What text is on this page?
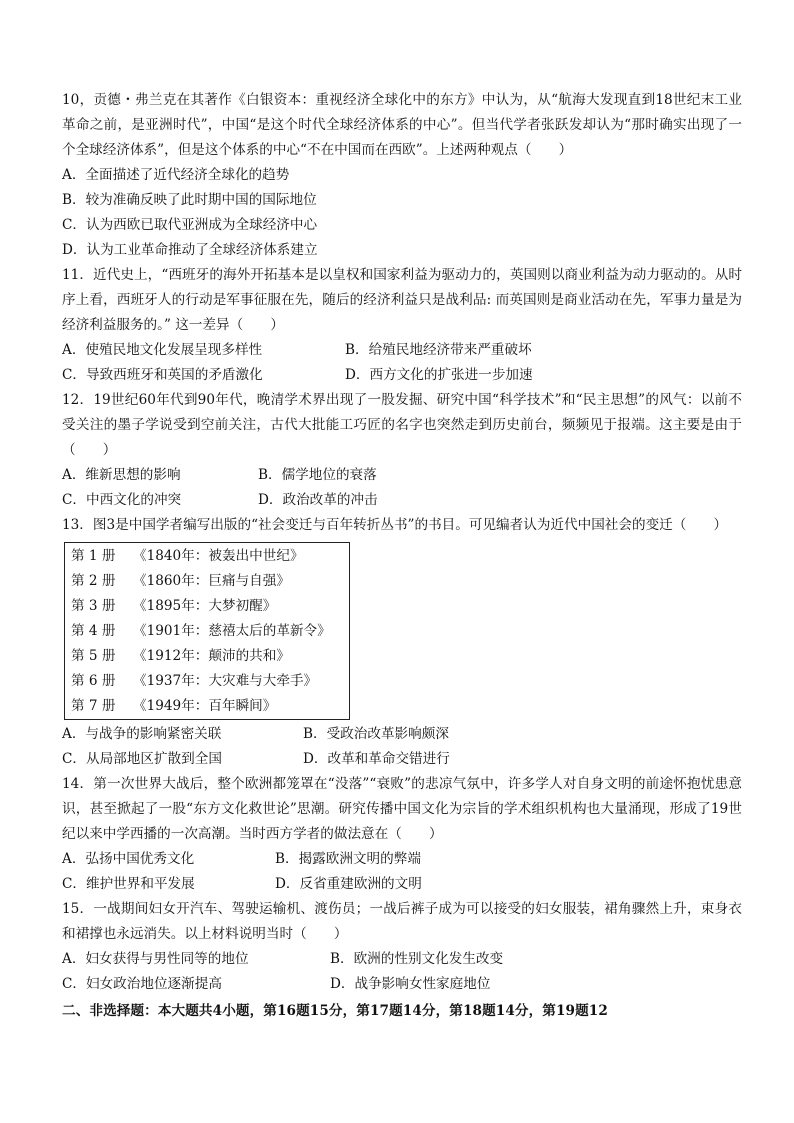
10，贡德・弗兰克在其著作《白银资本：重视经济全球化中的东方》中认为，从“航海大发现直到18世纪末工业革命之前，是亚洲时代”，中国“是这个时代全球经济体系的中心”。但当代学者张跃发却认为“那时确实出现了一个全球经济体系”，但是这个体系的中心“不在中国而在西欧”。上述两种观点（　　）

A．全面描述了近代经济全球化的趋势

B．较为准确反映了此时期中国的国际地位

C．认为西欧已取代亚洲成为全球经济中心

D．认为工业革命推动了全球经济体系建立

11．近代史上，“西班牙的海外开拓基本是以皇权和国家利益为驱动力的，英国则以商业利益为动力驱动的。从时序上看，西班牙人的行动是军事征服在先，随后的经济利益只是战利品: 而英国则是商业活动在先，军事力量是为经济利益服务的。” 这一差异（　　）

A．使殖民地文化发展呈现多样性	B．给殖民地经济带来严重破坏
C．导致西班牙和英国的矛盾激化	D．西方文化的扩张进一步加速

12．19世纪60年代到90年代，晚清学术界出现了一股发掘、研究中国“科学技术”和“民主思想”的风气：以前不受关注的墨子学说受到空前关注，古代大批能工巧匠的名字也突然走到历史前台，频频见于报端。这主要是由于（　　）

A．维新思想的影响	B．儒学地位的衰落
C．中西文化的冲突	D．政治改革的冲击

13．图3是中国学者编写出版的“社会变迁与百年转折丛书”的书目。可见编者认为近代中国社会的变迁（　　）

第 1 册	《1840年：被轰出中世纪》
第 2 册	《1860年：巨痛与自强》
第 3 册	《1895年：大梦初醒》
第 4 册	《1901年：慈禧太后的革新令》
第 5 册	《1912年：颠沛的共和》
第 6 册	《1937年：大灾难与大牵手》
第 7 册	《1949年：百年瞬间》
A．与战争的影响紧密关联	B．受政治改革影响颇深
C．从局部地区扩散到全国	D．改革和革命交错进行

14．第一次世界大战后，整个欧洲都笼罩在“没落”“衰败”的悲凉气氛中，许多学人对自身文明的前途怀抱忧患意识，甚至掀起了一股“东方文化救世论”思潮。研究传播中国文化为宗旨的学术组织机构也大量涌现，形成了19世纪以来中学西播的一次高潮。当时西方学者的做法意在（　　）

A．弘扬中国优秀文化	B．揭露欧洲文明的弊端
C．维护世界和平发展	D．反省重建欧洲的文明

15．一战期间妇女开汽车、驾驶运输机、渡伤员；一战后裤子成为可以接受的妇女服装，裙角骤然上升，束身衣和裙撑也永远消失。以上材料说明当时（　　）

A．妇女获得与男性同等的地位	B．欧洲的性别文化发生改变
C．妇女政治地位逐渐提高	D．战争影响女性家庭地位

二、非选择题：本大题共4小题，第16题15分，第17题14分，第18题14分，第19题12
